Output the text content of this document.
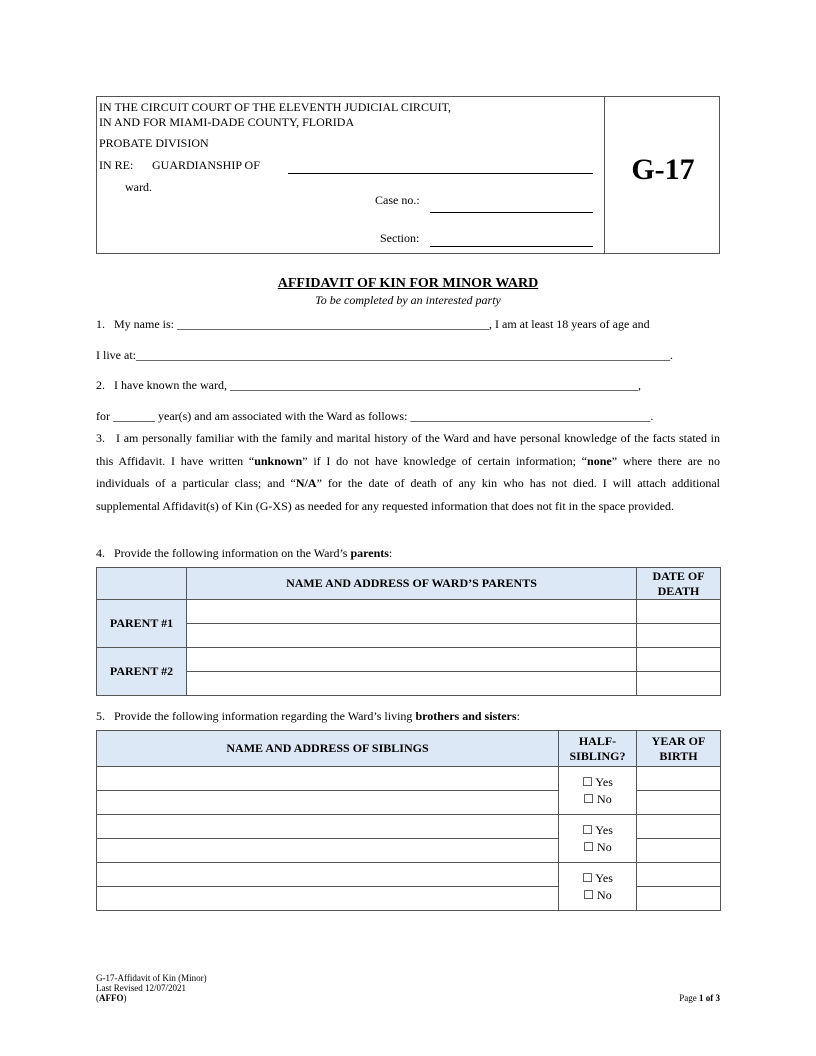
IN THE CIRCUIT COURT OF THE ELEVENTH JUDICIAL CIRCUIT,
IN AND FOR MIAMI-DADE COUNTY, FLORIDA
PROBATE DIVISION
IN RE: GUARDIANSHIP OF
ward.
Case no.:
Section:
G-17
AFFIDAVIT OF KIN FOR MINOR WARD
To be completed by an interested party
1.   My name is: ____________________________________________________, I am at least 18 years of age and
I live at:_________________________________________________________________________________________.
2.   I have known the ward, ____________________________________________________________________,
for _______ year(s) and am associated with the Ward as follows: ________________________________________.
3.   I am personally familiar with the family and marital history of the Ward and have personal knowledge of the facts stated in this Affidavit. I have written “unknown” if I do not have knowledge of certain information; “none” where there are no individuals of a particular class; and “N/A” for the date of death of any kin who has not died. I will attach additional supplemental Affidavit(s) of Kin (G-XS) as needed for any requested information that does not fit in the space provided.
4.   Provide the following information on the Ward’s parents:
	NAME AND ADDRESS OF WARD’S PARENTS	DATE OF DEATH
PARENT #1		

PARENT #2		

5.   Provide the following information regarding the Ward’s living brothers and sisters:
NAME AND ADDRESS OF SIBLINGS	HALF-SIBLING?	YEAR OF BIRTH

	☐ Yes
☐ No	

	☐ Yes
☐ No	

	☐ Yes
☐ No	

G-17-Affidavit of Kin (Minor)
Last Revised 12/07/2021
(AFFO)	Page 1 of 3
